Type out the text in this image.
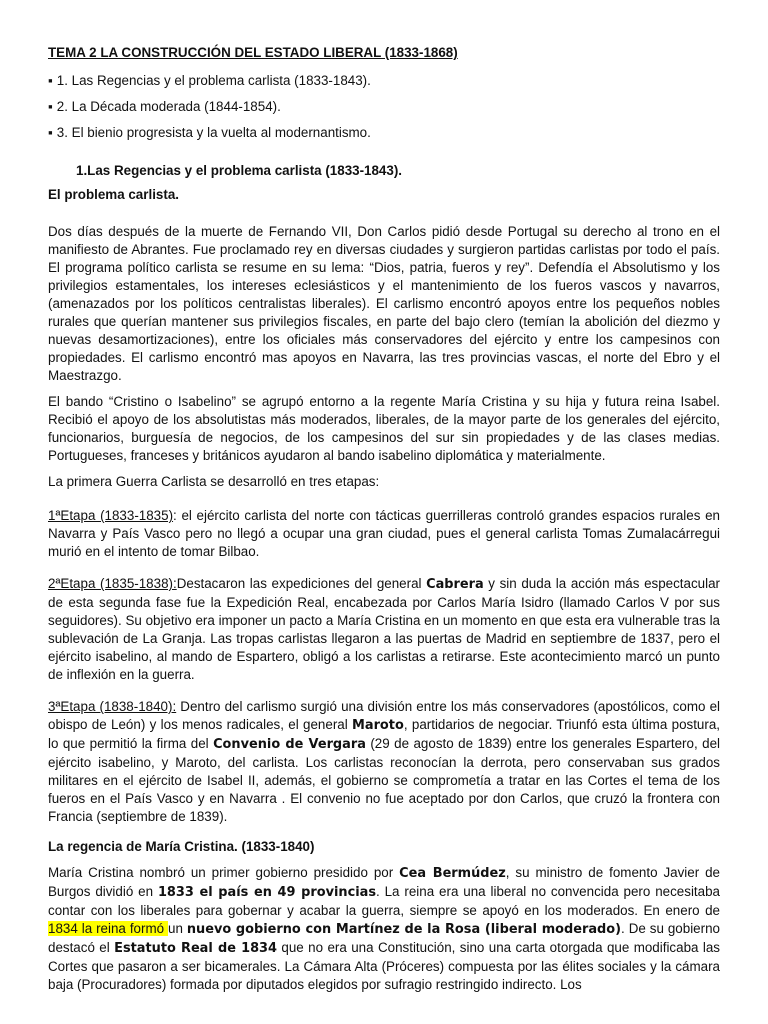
TEMA 2 LA CONSTRUCCIÓN DEL ESTADO LIBERAL (1833-1868)
▪ 1. Las Regencias y el problema carlista (1833-1843).
▪ 2. La Década moderada (1844-1854).
▪ 3. El bienio progresista y la vuelta al modernantismo.
1.Las Regencias y el problema carlista (1833-1843).
El problema carlista.

Dos días después de la muerte de Fernando VII, Don Carlos pidió desde Portugal su derecho al trono en el manifiesto de Abrantes. Fue proclamado rey en diversas ciudades y surgieron partidas carlistas por todo el país. El programa político carlista se resume en su lema: “Dios, patria, fueros y rey”. Defendía el Absolutismo y los privilegios estamentales, los intereses eclesiásticos y el mantenimiento de los fueros vascos y navarros, (amenazados por los políticos centralistas liberales). El carlismo encontró apoyos entre los pequeños nobles rurales que querían mantener sus privilegios fiscales, en parte del bajo clero (temían la abolición del diezmo y nuevas desamortizaciones), entre los oficiales más conservadores del ejército y entre los campesinos con propiedades. El carlismo encontró mas apoyos en Navarra, las tres provincias vascas, el norte del Ebro y el Maestrazgo.

El bando “Cristino o Isabelino” se agrupó entorno a la regente María Cristina y su hija y futura reina Isabel. Recibió el apoyo de los absolutistas más moderados, liberales, de la mayor parte de los generales del ejército, funcionarios, burguesía de negocios, de los campesinos del sur sin propiedades y de las clases medias. Portugueses, franceses y británicos ayudaron al bando isabelino diplomática y materialmente.

La primera Guerra Carlista se desarrolló en tres etapas:

1ªEtapa (1833-1835): el ejército carlista del norte con tácticas guerrilleras controló grandes espacios rurales en Navarra y País Vasco pero no llegó a ocupar una gran ciudad, pues el general carlista Tomas Zumalacárregui murió en el intento de tomar Bilbao.

2ªEtapa (1835-1838):Destacaron las expediciones del general Cabrera y sin duda la acción más espectacular de esta segunda fase fue la Expedición Real, encabezada por Carlos María Isidro (llamado Carlos V por sus seguidores). Su objetivo era imponer un pacto a María Cristina en un momento en que esta era vulnerable tras la sublevación de La Granja. Las tropas carlistas llegaron a las puertas de Madrid en septiembre de 1837, pero el ejército isabelino, al mando de Espartero, obligó a los carlistas a retirarse. Este acontecimiento marcó un punto de inflexión en la guerra.

3ªEtapa (1838-1840): Dentro del carlismo surgió una división entre los más conservadores (apostólicos, como el obispo de León) y los menos radicales, el general Maroto, partidarios de negociar. Triunfó esta última postura, lo que permitió la firma del Convenio de Vergara (29 de agosto de 1839) entre los generales Espartero, del ejército isabelino, y Maroto, del carlista. Los carlistas reconocían la derrota, pero conservaban sus grados militares en el ejército de Isabel II, además, el gobierno se comprometía a tratar en las Cortes el tema de los fueros en el País Vasco y en Navarra . El convenio no fue aceptado por don Carlos, que cruzó la frontera con Francia (septiembre de 1839).

La regencia de María Cristina. (1833-1840)

María Cristina nombró un primer gobierno presidido por Cea Bermúdez, su ministro de fomento Javier de Burgos dividió en 1833 el país en 49 provincias. La reina era una liberal no convencida pero necesitaba contar con los liberales para gobernar y acabar la guerra, siempre se apoyó en los moderados. En enero de 1834 la reina formó un nuevo gobierno con Martínez de la Rosa (liberal moderado). De su gobierno destacó el Estatuto Real de 1834 que no era una Constitución, sino una carta otorgada que modificaba las Cortes que pasaron a ser bicamerales. La Cámara Alta (Próceres) compuesta por las élites sociales y la cámara baja (Procuradores) formada por diputados elegidos por sufragio restringido indirecto. Los
